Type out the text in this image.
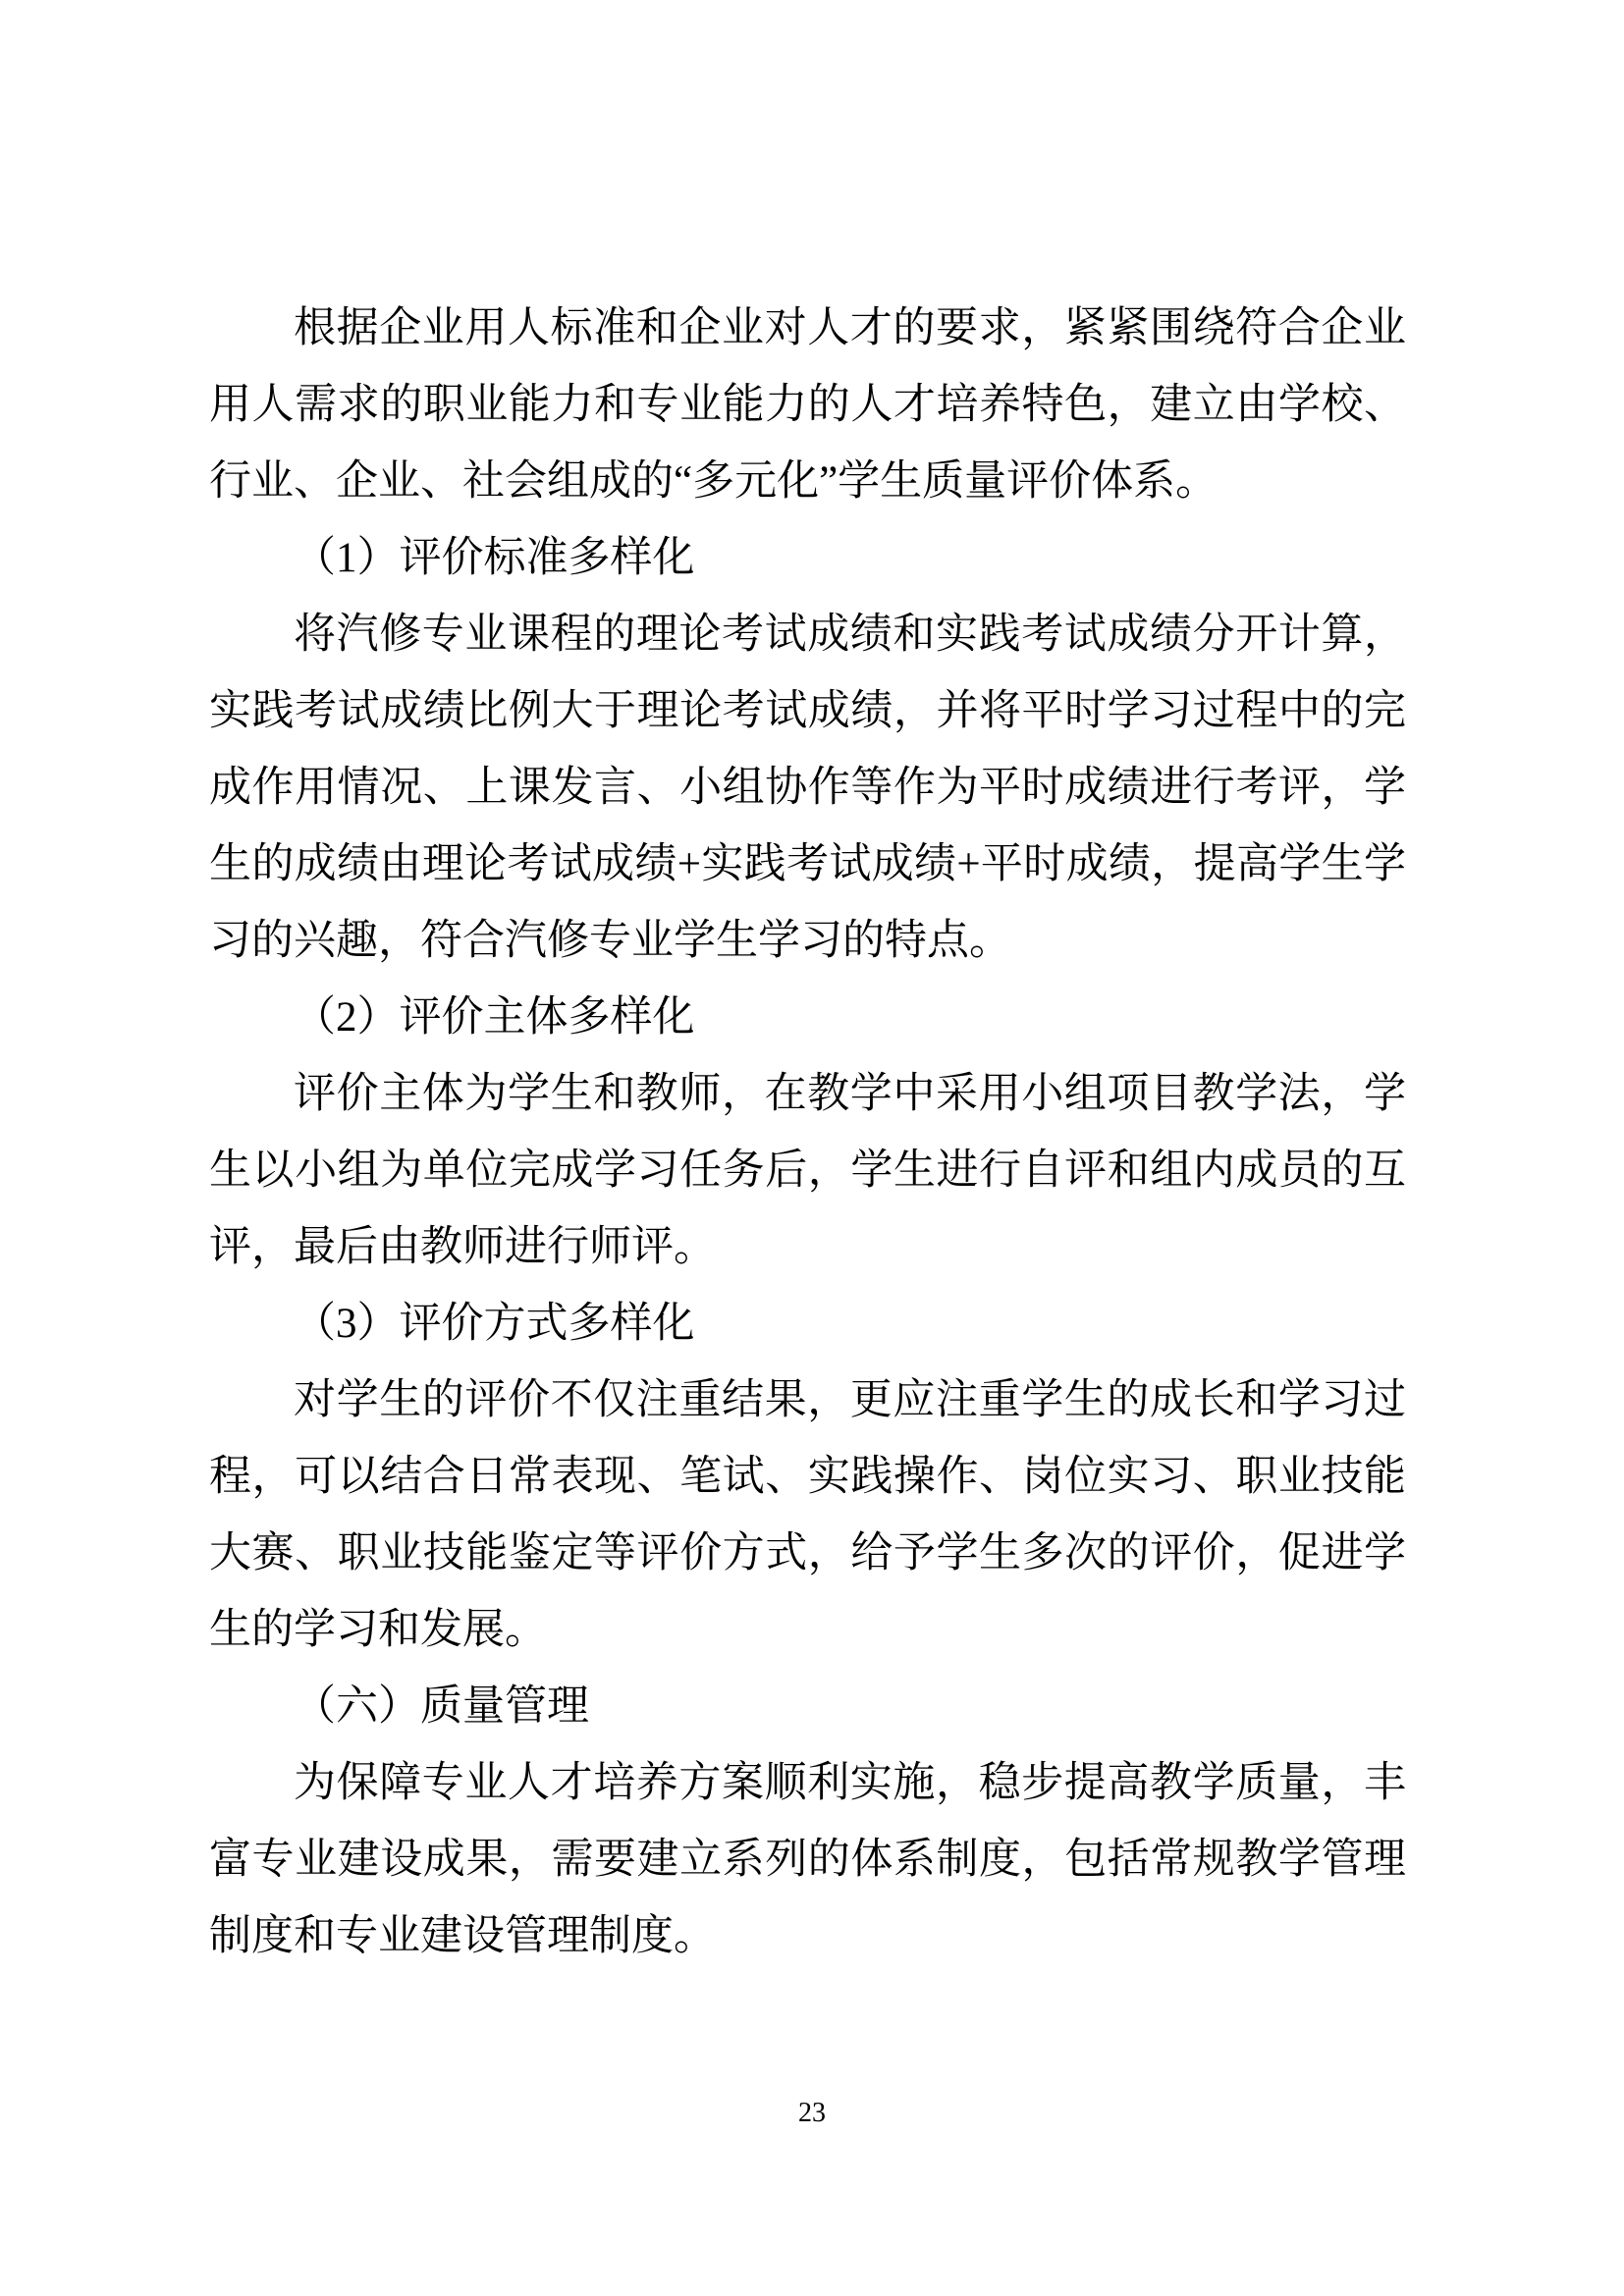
根据企业用人标准和企业对人才的要求，紧紧围绕符合企业
用人需求的职业能力和专业能力的人才培养特色，建立由学校、
行业、企业、社会组成的“多元化”学生质量评价体系。
（1）评价标准多样化
将汽修专业课程的理论考试成绩和实践考试成绩分开计算，
实践考试成绩比例大于理论考试成绩，并将平时学习过程中的完
成作用情况、上课发言、小组协作等作为平时成绩进行考评，学
生的成绩由理论考试成绩+实践考试成绩+平时成绩，提高学生学
习的兴趣，符合汽修专业学生学习的特点。
（2）评价主体多样化
评价主体为学生和教师，在教学中采用小组项目教学法，学
生以小组为单位完成学习任务后，学生进行自评和组内成员的互
评，最后由教师进行师评。
（3）评价方式多样化
对学生的评价不仅注重结果，更应注重学生的成长和学习过
程，可以结合日常表现、笔试、实践操作、岗位实习、职业技能
大赛、职业技能鉴定等评价方式，给予学生多次的评价，促进学
生的学习和发展。
（六）质量管理
为保障专业人才培养方案顺利实施，稳步提高教学质量，丰
富专业建设成果，需要建立系列的体系制度，包括常规教学管理
制度和专业建设管理制度。
23
